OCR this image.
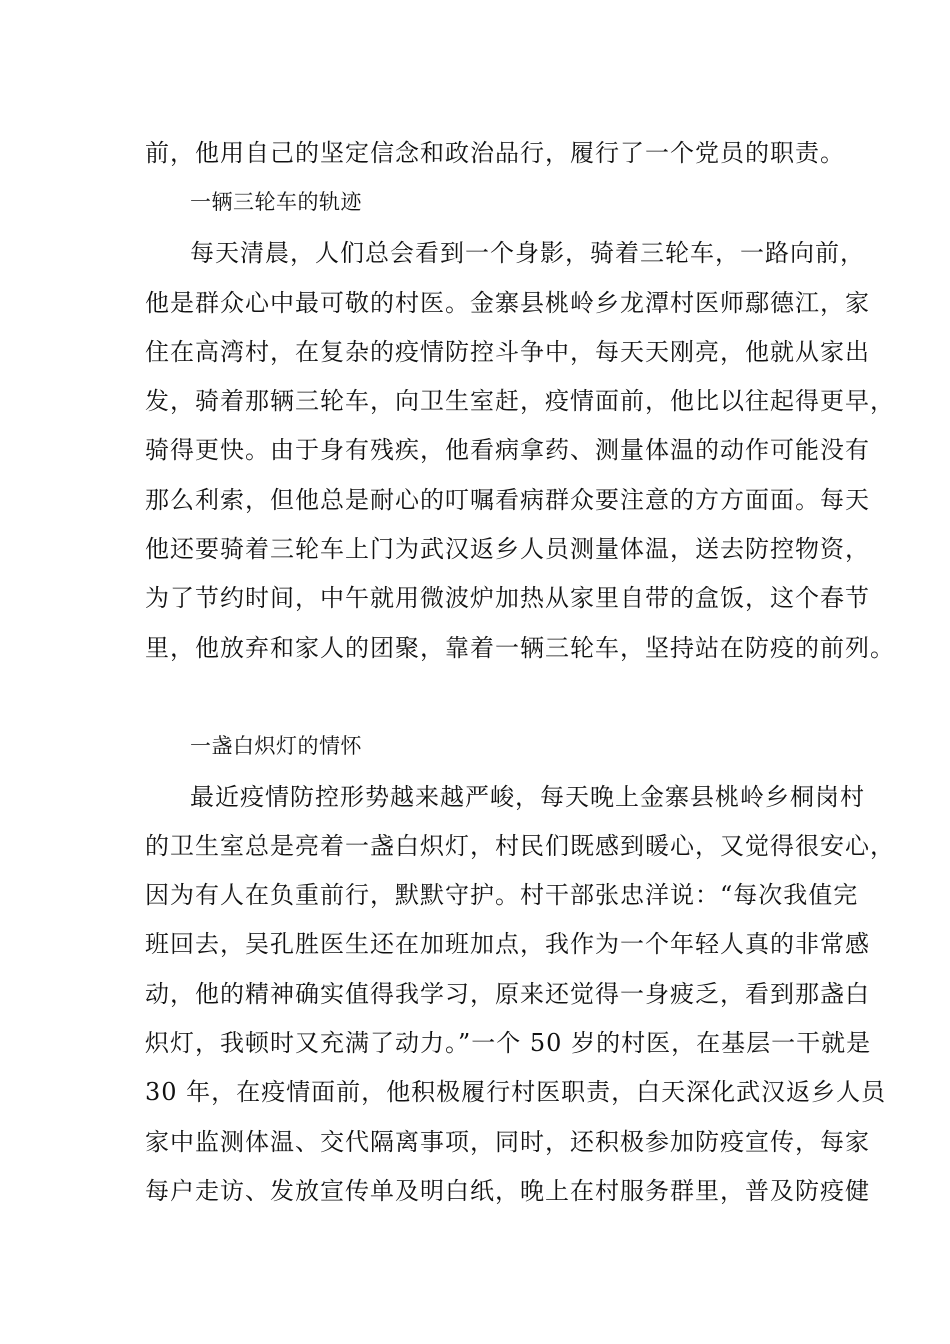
前，他用自己的坚定信念和政治品行，履行了一个党员的职责。
一辆三轮车的轨迹
每天清晨，人们总会看到一个身影，骑着三轮车，一路向前，
他是群众心中最可敬的村医。金寨县桃岭乡龙潭村医师鄢德江，家
住在高湾村，在复杂的疫情防控斗争中，每天天刚亮，他就从家出
发，骑着那辆三轮车，向卫生室赶，疫情面前，他比以往起得更早，
骑得更快。由于身有残疾，他看病拿药、测量体温的动作可能没有
那么利索，但他总是耐心的叮嘱看病群众要注意的方方面面。每天
他还要骑着三轮车上门为武汉返乡人员测量体温，送去防控物资，
为了节约时间，中午就用微波炉加热从家里自带的盒饭，这个春节
里，他放弃和家人的团聚，靠着一辆三轮车，坚持站在防疫的前列。
一盏白炽灯的情怀
最近疫情防控形势越来越严峻，每天晚上金寨县桃岭乡桐岗村
的卫生室总是亮着一盏白炽灯，村民们既感到暖心，又觉得很安心，
因为有人在负重前行，默默守护。村干部张忠洋说：“每次我值完
班回去，吴孔胜医生还在加班加点，我作为一个年轻人真的非常感
动，他的精神确实值得我学习，原来还觉得一身疲乏，看到那盏白
炽灯，我顿时又充满了动力。”一个 50 岁的村医，在基层一干就是
30 年，在疫情面前，他积极履行村医职责，白天深化武汉返乡人员
家中监测体温、交代隔离事项，同时，还积极参加防疫宣传，每家
每户走访、发放宣传单及明白纸，晚上在村服务群里，普及防疫健
